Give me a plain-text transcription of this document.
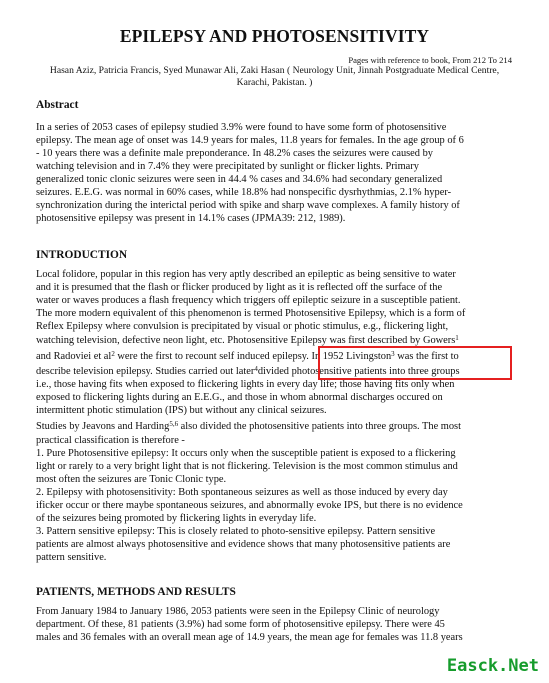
EPILEPSY AND PHOTOSENSITIVITY
Pages with reference to book, From 212 To 214
Hasan Aziz, Patricia Francis, Syed Munawar Ali, Zaki Hasan ( Neurology Unit, Jinnah Postgraduate Medical Centre,
Karachi, Pakistan. )
Abstract
In a series of 2053 cases of epilepsy studied 3.9% were found to have some form of photosensitive
epilepsy. The mean age of onset was 14.9 years for males, 11.8 years for females. In the age group of 6
- 10 years there was a definite male preponderance. In 48.2% cases the seizures were caused by
watching television and in 7.4% they were precipitated by sunlight or flicker lights. Primary
generalized tonic clonic seizures were seen in 44.4 % cases and 34.6% had secondary generalized
seizures. E.E.G. was normal in 60% cases, while 18.8% had nonspecific dysrhythmias, 2.1% hyper-
synchronization during the interictal period with spike and sharp wave complexes. A family history of
photosensitive epilepsy was present in 14.1% cases (JPMA39: 212, 1989).
INTRODUCTION
Local folidore, popular in this region has very aptly described an epileptic as being sensitive to water
and it is presumed that the flash or flicker produced by light as it is reflected off the surface of the
water or waves produces a flash frequency which triggers off epileptic seizure in a susceptible patient.
The more modern equivalent of this phenomenon is termed Photosensitive Epilepsy, which is a form of
Reflex Epilepsy where convulsion is precipitated by visual or photic stimulus, e.g., flickering light,
watching television, defective neon light, etc. Photosensitive Epilepsy was first described by Gowers$^1$
and Radoviei et $al^2$ were the first to recount self induced epilepsy. In 1952 Livingston$^3$ was the first to
describe television epilepsy. Studies carried out later$^4$divided photosensitive patients into three groups
i.e., those having fits when exposed to flickering lights in every day life; those having fits only when
exposed to flickering lights during an E.E.G., and those in whom abnormal discharges occured on
intermittent photic stimulation (IPS) but without any clinical seizures.
Studies by Jeavons and Harding$^{5,6}$ also divided the photosensitive patients into three groups. The most
practical classification is therefore -
1. Pure Photosensitive epilepsy: It occurs only when the susceptible patient is exposed to a flickering
light or rarely to a very bright light that is not flickering. Television is the most common stimulus and
most often the seizures are Tonic Clonic type.
2. Epilepsy with photosensitivity: Both spontaneous seizures as well as those induced by every day
ificker occur or there maybe spontaneous seizures, and abnormally evoke IPS, but there is no evidence
of the seizures being promoted by flickering lights in everyday life.
3. Pattern sensitive epilepsy: This is closely related to photo-sensitive epilepsy. Pattern sensitive
patients are almost always photosensitive and evidence shows that many photosensitive patients are
pattern sensitive.
PATIENTS, METHODS AND RESULTS
From January 1984 to January 1986, 2053 patients were seen in the Epilepsy Clinic of neurology
department. Of these, 81 patients (3.9%) had some form of photosensitive epilepsy. There were 45
males and 36 females with an overall mean age of 14.9 years, the mean age for females was 11.8 years
Easck.Net
